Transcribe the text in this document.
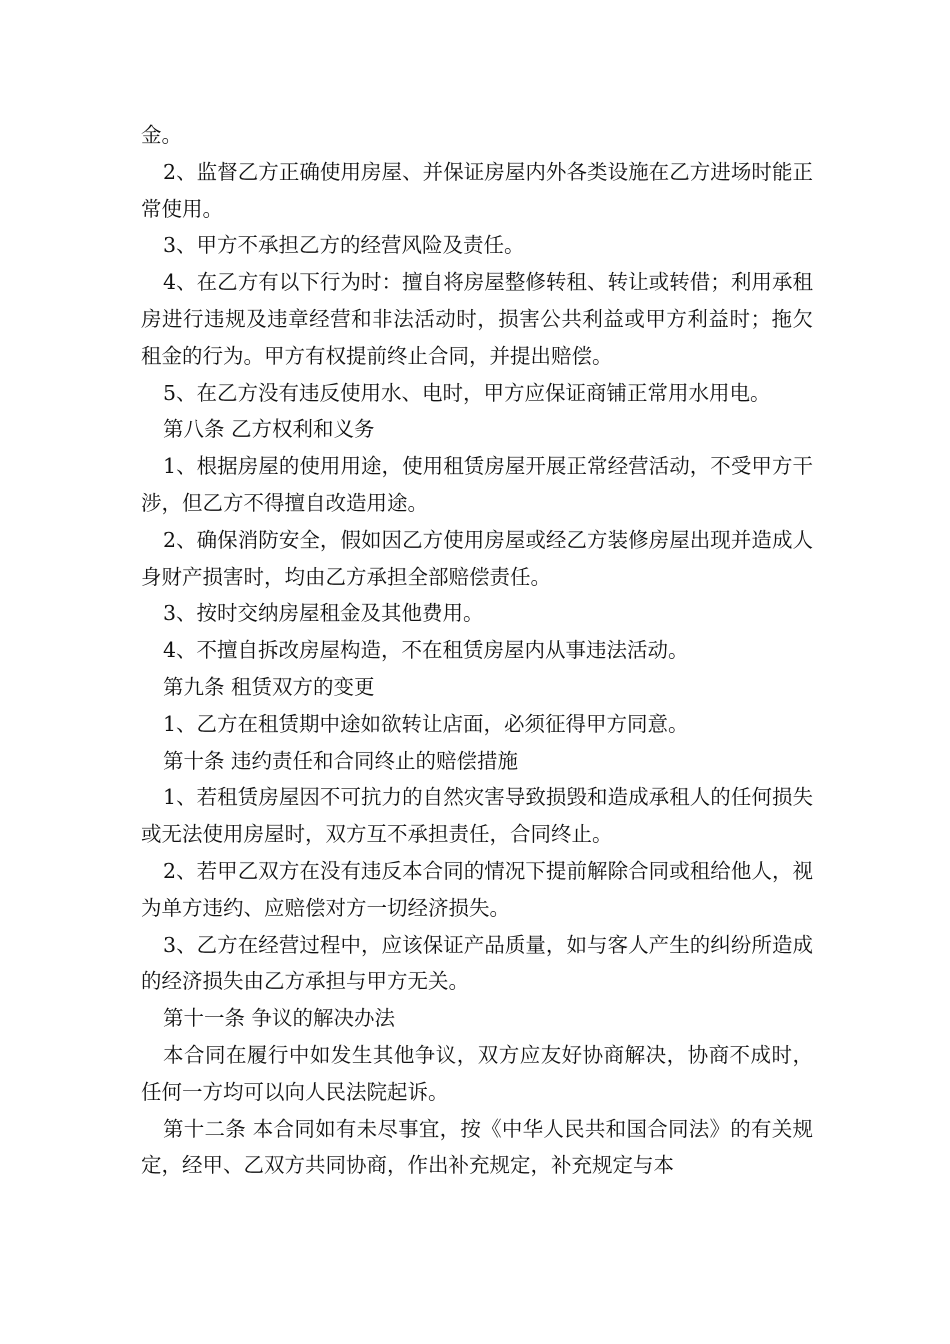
金。

2、监督乙方正确使用房屋、并保证房屋内外各类设施在乙方进场时能正常使用。

3、甲方不承担乙方的经营风险及责任。

4、在乙方有以下行为时：擅自将房屋整修转租、转让或转借；利用承租房进行违规及违章经营和非法活动时，损害公共利益或甲方利益时；拖欠租金的行为。甲方有权提前终止合同，并提出赔偿。

5、在乙方没有违反使用水、电时，甲方应保证商铺正常用水用电。

第八条 乙方权利和义务

1、根据房屋的使用用途，使用租赁房屋开展正常经营活动，不受甲方干涉，但乙方不得擅自改造用途。

2、确保消防安全，假如因乙方使用房屋或经乙方装修房屋出现并造成人身财产损害时，均由乙方承担全部赔偿责任。

3、按时交纳房屋租金及其他费用。

4、不擅自拆改房屋构造，不在租赁房屋内从事违法活动。

第九条 租赁双方的变更

1、乙方在租赁期中途如欲转让店面，必须征得甲方同意。

第十条 违约责任和合同终止的赔偿措施

1、若租赁房屋因不可抗力的自然灾害导致损毁和造成承租人的任何损失或无法使用房屋时，双方互不承担责任，合同终止。

2、若甲乙双方在没有违反本合同的情况下提前解除合同或租给他人，视为单方违约、应赔偿对方一切经济损失。

3、乙方在经营过程中，应该保证产品质量，如与客人产生的纠纷所造成的经济损失由乙方承担与甲方无关。

第十一条 争议的解决办法

本合同在履行中如发生其他争议，双方应友好协商解决，协商不成时，任何一方均可以向人民法院起诉。

第十二条 本合同如有未尽事宜，按《中华人民共和国合同法》的有关规定，经甲、乙双方共同协商，作出补充规定，补充规定与本
